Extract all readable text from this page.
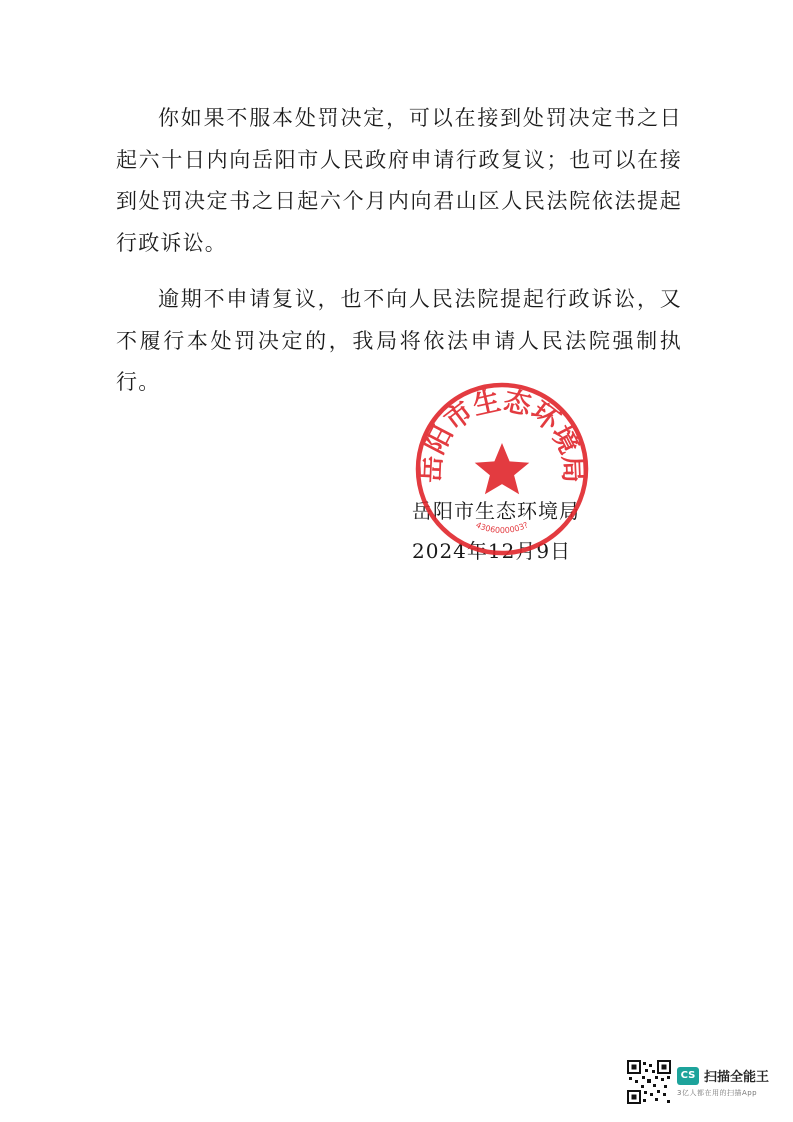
你如果不服本处罚决定，可以在接到处罚决定书之日起六十日内向岳阳市人民政府申请行政复议；也可以在接到处罚决定书之日起六个月内向君山区人民法院依法提起行政诉讼。

逾期不申请复议，也不向人民法院提起行政诉讼，又不履行本处罚决定的，我局将依法申请人民法院强制执行。

岳阳市生态环境局
2024年12月9日
岳阳市生态环境局
4306000003?
CS 扫描全能王
3亿人都在用的扫描App
